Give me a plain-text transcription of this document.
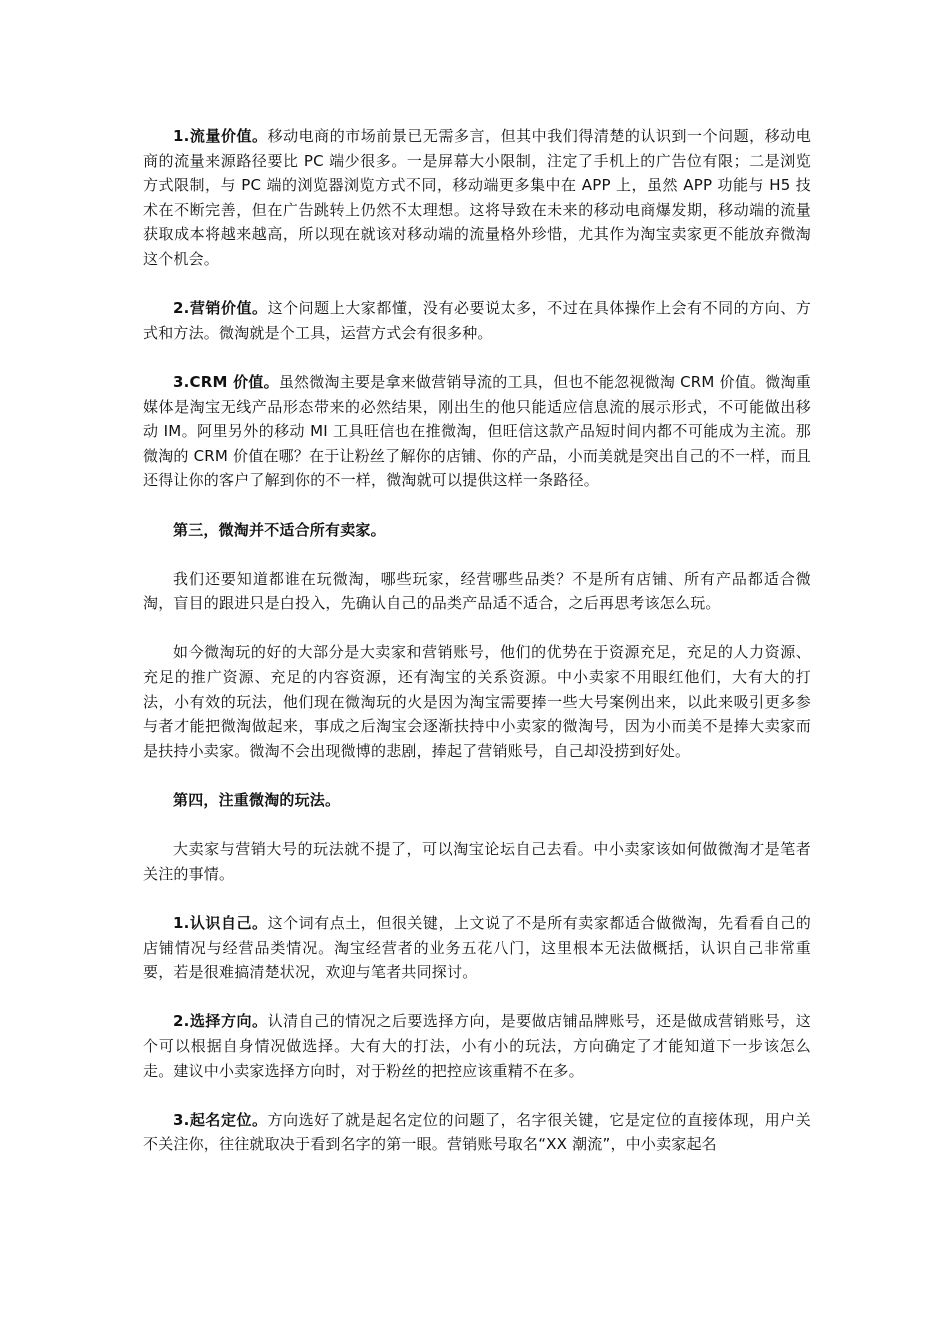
1.流量价值。移动电商的市场前景已无需多言，但其中我们得清楚的认识到一个问题，移动电商的流量来源路径要比 PC 端少很多。一是屏幕大小限制，注定了手机上的广告位有限；二是浏览方式限制，与 PC 端的浏览器浏览方式不同，移动端更多集中在 APP 上，虽然 APP 功能与 H5 技术在不断完善，但在广告跳转上仍然不太理想。这将导致在未来的移动电商爆发期，移动端的流量获取成本将越来越高，所以现在就该对移动端的流量格外珍惜，尤其作为淘宝卖家更不能放弃微淘这个机会。

2.营销价值。这个问题上大家都懂，没有必要说太多，不过在具体操作上会有不同的方向、方式和方法。微淘就是个工具，运营方式会有很多种。

3.CRM 价值。虽然微淘主要是拿来做营销导流的工具，但也不能忽视微淘 CRM 价值。微淘重媒体是淘宝无线产品形态带来的必然结果，刚出生的他只能适应信息流的展示形式，不可能做出移动 IM。阿里另外的移动 MI 工具旺信也在推微淘，但旺信这款产品短时间内都不可能成为主流。那微淘的 CRM 价值在哪？在于让粉丝了解你的店铺、你的产品，小而美就是突出自己的不一样，而且还得让你的客户了解到你的不一样，微淘就可以提供这样一条路径。

第三，微淘并不适合所有卖家。

我们还要知道都谁在玩微淘，哪些玩家，经营哪些品类？不是所有店铺、所有产品都适合微淘，盲目的跟进只是白投入，先确认自己的品类产品适不适合，之后再思考该怎么玩。

如今微淘玩的好的大部分是大卖家和营销账号，他们的优势在于资源充足，充足的人力资源、充足的推广资源、充足的内容资源，还有淘宝的关系资源。中小卖家不用眼红他们，大有大的打法，小有效的玩法，他们现在微淘玩的火是因为淘宝需要捧一些大号案例出来，以此来吸引更多参与者才能把微淘做起来，事成之后淘宝会逐渐扶持中小卖家的微淘号，因为小而美不是捧大卖家而是扶持小卖家。微淘不会出现微博的悲剧，捧起了营销账号，自己却没捞到好处。

第四，注重微淘的玩法。

大卖家与营销大号的玩法就不提了，可以淘宝论坛自己去看。中小卖家该如何做微淘才是笔者关注的事情。

1.认识自己。这个词有点土，但很关键，上文说了不是所有卖家都适合做微淘，先看看自己的店铺情况与经营品类情况。淘宝经营者的业务五花八门，这里根本无法做概括，认识自己非常重要，若是很难搞清楚状况，欢迎与笔者共同探讨。

2.选择方向。认清自己的情况之后要选择方向，是要做店铺品牌账号，还是做成营销账号，这个可以根据自身情况做选择。大有大的打法，小有小的玩法，方向确定了才能知道下一步该怎么走。建议中小卖家选择方向时，对于粉丝的把控应该重精不在多。

3.起名定位。方向选好了就是起名定位的问题了，名字很关键，它是定位的直接体现，用户关不关注你，往往就取决于看到名字的第一眼。营销账号取名“XX 潮流”，中小卖家起名
